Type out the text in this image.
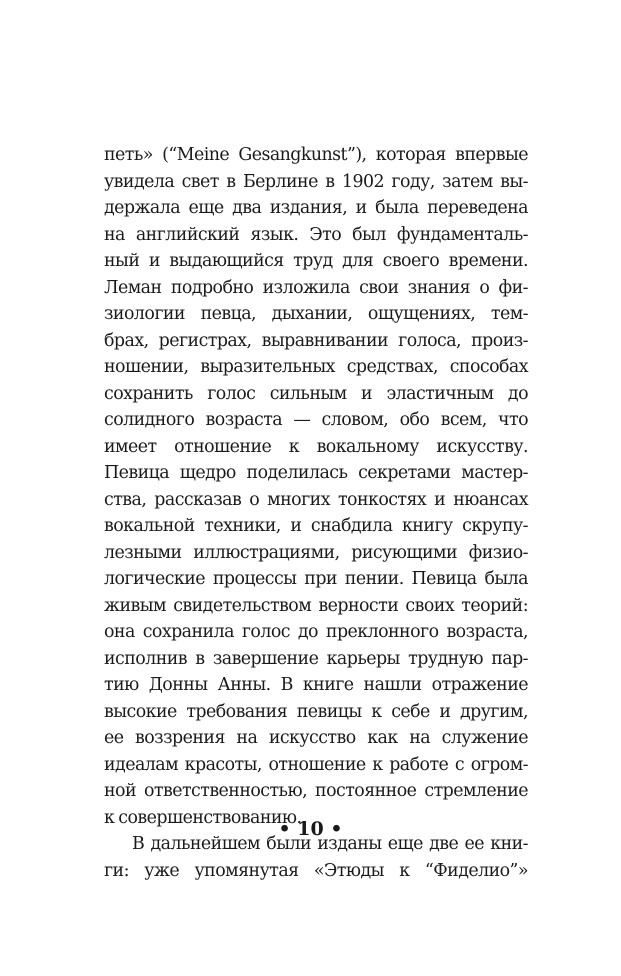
петь» (“Meine Gesangkunst”), которая впервые
увидела свет в Берлине в 1902 году, затем вы-
держала еще два издания, и была переведена
на английский язык. Это был фундаменталь-
ный и выдающийся труд для своего времени.
Леман подробно изложила свои знания о фи-
зиологии певца, дыхании, ощущениях, тем-
брах, регистрах, выравнивании голоса, произ-
ношении, выразительных средствах, способах
сохранить голос сильным и эластичным до
солидного возраста — словом, обо всем, что
имеет отношение к вокальному искусству.
Певица щедро поделилась секретами мастер-
ства, рассказав о многих тонкостях и нюансах
вокальной техники, и снабдила книгу скрупу-
лезными иллюстрациями, рисующими физио-
логические процессы при пении. Певица была
живым свидетельством верности своих теорий:
она сохранила голос до преклонного возраста,
исполнив в завершение карьеры трудную пар-
тию Донны Анны. В книге нашли отражение
высокие требования певицы к себе и другим,
ее воззрения на искусство как на служение
идеалам красоты, отношение к работе с огром-
ной ответственностью, постоянное стремление
к совершенствованию.
В дальнейшем были изданы еще две ее кни-
ги: уже упомянутая «Этюды к “Фиделио”»
• 10 •
